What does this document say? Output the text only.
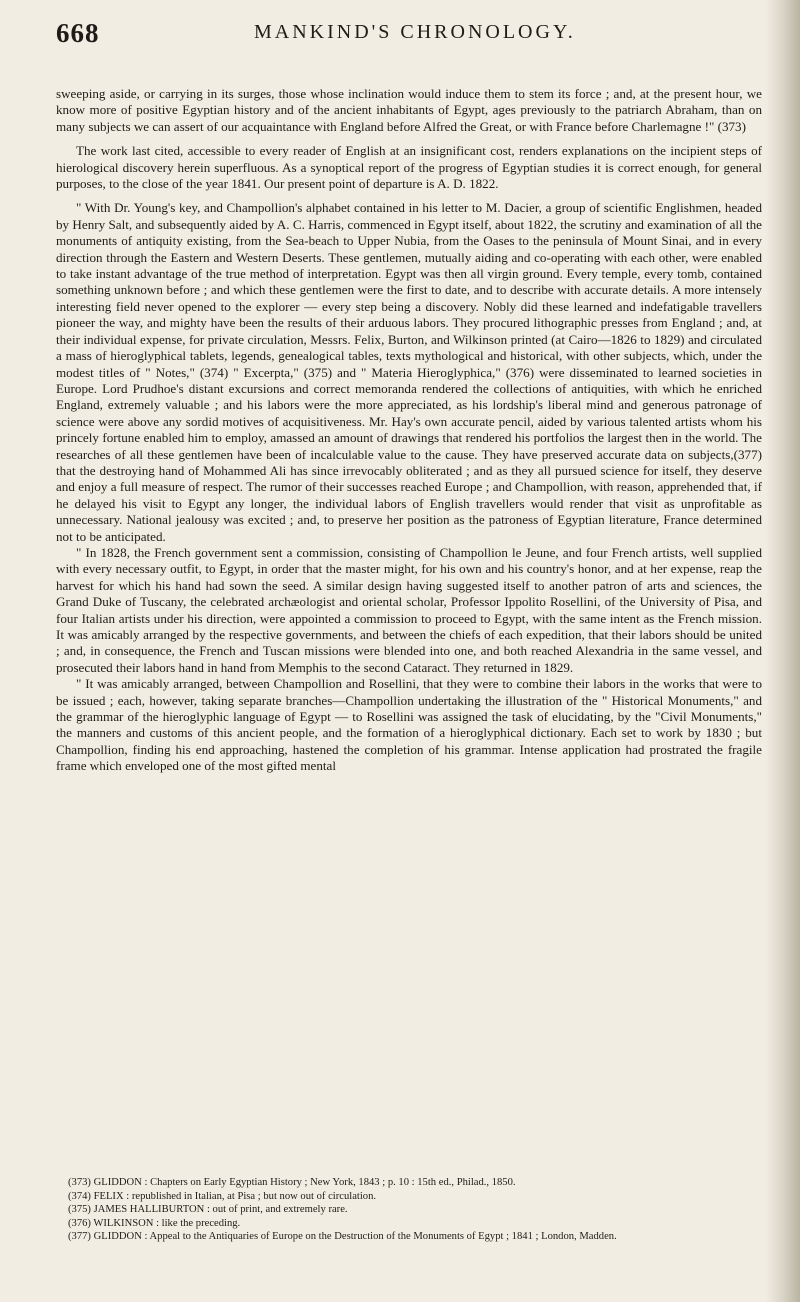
668	MANKIND'S CHRONOLOGY.

sweeping aside, or carrying in its surges, those whose inclination would induce them to stem its force ; and, at the present hour, we know more of positive Egyptian history and of the ancient inhabitants of Egypt, ages previously to the patriarch Abraham, than on many subjects we can assert of our acquaintance with England before Alfred the Great, or with France before Charlemagne !" (373)

The work last cited, accessible to every reader of English at an insignificant cost, renders explanations on the incipient steps of hierological discovery herein superfluous. As a synoptical report of the progress of Egyptian studies it is correct enough, for general purposes, to the close of the year 1841. Our present point of departure is A. D. 1822.

" With Dr. Young's key, and Champollion's alphabet contained in his letter to M. Dacier, a group of scientific Englishmen, headed by Henry Salt, and subsequently aided by A. C. Harris, commenced in Egypt itself, about 1822, the scrutiny and examination of all the monuments of antiquity existing, from the Sea-beach to Upper Nubia, from the Oases to the peninsula of Mount Sinai, and in every direction through the Eastern and Western Deserts. These gentlemen, mutually aiding and co-operating with each other, were enabled to take instant advantage of the true method of interpretation. Egypt was then all virgin ground. Every temple, every tomb, contained something unknown before ; and which these gentlemen were the first to date, and to describe with accurate details. A more intensely interesting field never opened to the explorer — every step being a discovery. Nobly did these learned and indefatigable travellers pioneer the way, and mighty have been the results of their arduous labors. They procured lithographic presses from England ; and, at their individual expense, for private circulation, Messrs. Felix, Burton, and Wilkinson printed (at Cairo—1826 to 1829) and circulated a mass of hieroglyphical tablets, legends, genealogical tables, texts mythological and historical, with other subjects, which, under the modest titles of " Notes," (374) " Excerpta," (375) and " Materia Hieroglyphica," (376) were disseminated to learned societies in Europe. Lord Prudhoe's distant excursions and correct memoranda rendered the collections of antiquities, with which he enriched England, extremely valuable ; and his labors were the more appreciated, as his lordship's liberal mind and generous patronage of science were above any sordid motives of acquisitiveness. Mr. Hay's own accurate pencil, aided by various talented artists whom his princely fortune enabled him to employ, amassed an amount of drawings that rendered his portfolios the largest then in the world. The researches of all these gentlemen have been of incalculable value to the cause. They have preserved accurate data on subjects,(377) that the destroying hand of Mohammed Ali has since irrevocably obliterated ; and as they all pursued science for itself, they deserve and enjoy a full measure of respect. The rumor of their successes reached Europe ; and Champollion, with reason, apprehended that, if he delayed his visit to Egypt any longer, the individual labors of English travellers would render that visit as unprofitable as unnecessary. National jealousy was excited ; and, to preserve her position as the patroness of Egyptian literature, France determined not to be anticipated.

" In 1828, the French government sent a commission, consisting of Champollion le Jeune, and four French artists, well supplied with every necessary outfit, to Egypt, in order that the master might, for his own and his country's honor, and at her expense, reap the harvest for which his hand had sown the seed. A similar design having suggested itself to another patron of arts and sciences, the Grand Duke of Tuscany, the celebrated archæologist and oriental scholar, Professor Ippolito Rosellini, of the University of Pisa, and four Italian artists under his direction, were appointed a commission to proceed to Egypt, with the same intent as the French mission. It was amicably arranged by the respective governments, and between the chiefs of each expedition, that their labors should be united ; and, in consequence, the French and Tuscan missions were blended into one, and both reached Alexandria in the same vessel, and prosecuted their labors hand in hand from Memphis to the second Cataract. They returned in 1829.

" It was amicably arranged, between Champollion and Rosellini, that they were to combine their labors in the works that were to be issued ; each, however, taking separate branches—Champollion undertaking the illustration of the " Historical Monuments," and the grammar of the hieroglyphic language of Egypt — to Rosellini was assigned the task of elucidating, by the "Civil Monuments," the manners and customs of this ancient people, and the formation of a hieroglyphical dictionary. Each set to work by 1830 ; but Champollion, finding his end approaching, hastened the completion of his grammar. Intense application had prostrated the fragile frame which enveloped one of the most gifted mental

(373) GLIDDON : Chapters on Early Egyptian History ; New York, 1843 ; p. 10 : 15th ed., Philad., 1850.

(374) FELIX : republished in Italian, at Pisa ; but now out of circulation.

(375) JAMES HALLIBURTON : out of print, and extremely rare.

(376) WILKINSON : like the preceding.

(377) GLIDDON : Appeal to the Antiquaries of Europe on the Destruction of the Monuments of Egypt ; 1841 ; London, Madden.
